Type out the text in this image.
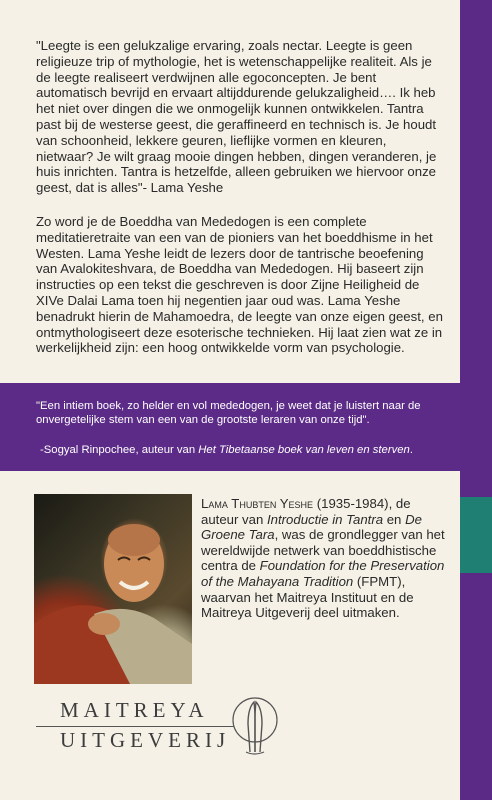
"Leegte is een gelukzalige ervaring, zoals nectar. Leegte is geen religieuze trip of mythologie, het is wetenschappelijke realiteit. Als je de leegte realiseert verdwijnen alle egoconcepten. Je bent automatisch bevrijd en ervaart altijddurende gelukzaligheid…. Ik heb het niet over dingen die we onmogelijk kunnen ontwikkelen. Tantra past bij de westerse geest, die geraffineerd en technisch is. Je houdt van schoonheid, lekkere geuren, lieflijke vormen en kleuren, nietwaar? Je wilt graag mooie dingen hebben, dingen veranderen, je huis inrichten. Tantra is hetzelfde, alleen gebruiken we hiervoor onze geest, dat is alles"- Lama Yeshe

Zo word je de Boeddha van Mededogen is een complete meditatieretraite van een van de pioniers van het boeddhisme in het Westen. Lama Yeshe leidt de lezers door de tantrische beoefening van Avalokiteshvara, de Boeddha van Mededogen. Hij baseert zijn instructies op een tekst die geschreven is door Zijne Heiligheid de XIVe Dalai Lama toen hij negentien jaar oud was. Lama Yeshe benadrukt hierin de Mahamoedra, de leegte van onze eigen geest, en ontmythologiseert deze esoterische technieken. Hij laat zien wat ze in werkelijkheid zijn: een hoog ontwikkelde vorm van psychologie.

"Een intiem boek, zo helder en vol mededogen, je weet dat je luistert naar de onvergetelijke stem van een van de grootste leraren van onze tijd".

-Sogyal Rinpochee, auteur van Het Tibetaanse boek van leven en sterven.

Lama Thubten Yeshe (1935-1984), de auteur van Introductie in Tantra en De Groene Tara, was de grondlegger van het wereldwijde netwerk van boeddhistische centra de Foundation for the Preservation of the Mahayana Tradition (FPMT), waarvan het Maitreya Instituut en de Maitreya Uitgeverij deel uitmaken.

MAITREYA
UITGEVERIJ
